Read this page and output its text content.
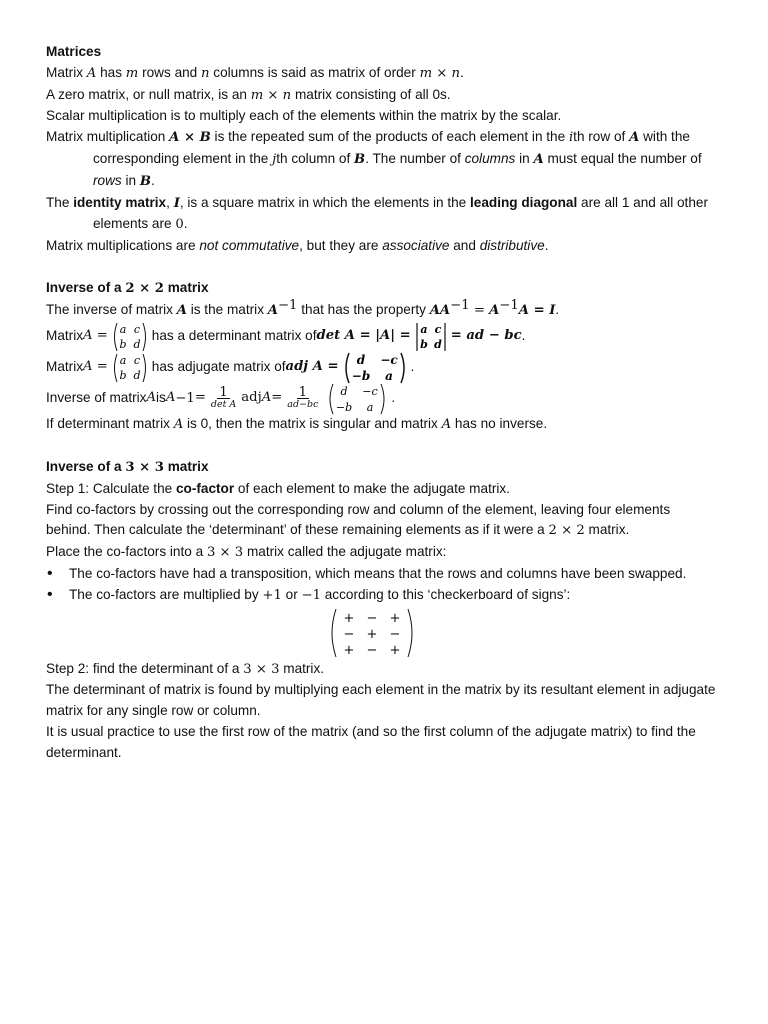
Matrices

Matrix A has m rows and n columns is said as matrix of order m × n.

A zero matrix, or null matrix, is an m × n matrix consisting of all 0s.

Scalar multiplication is to multiply each of the elements within the matrix by the scalar.

Matrix multiplication A × B is the repeated sum of the products of each element in the ith row of A with the corresponding element in the jth column of B. The number of columns in A must equal the number of rows in B.

The identity matrix, I, is a square matrix in which the elements in the leading diagonal are all 1 and all other elements are 0.

Matrix multiplications are not commutative, but they are associative and distributive.

Inverse of a 2 × 2 matrix

The inverse of matrix A is the matrix $A^{-1}$ that has the property $AA^{-1} = A^{-1}A = I$.

Matrix A = a c
b d
has a determinant matrix of det A = |A| = a c
b d
= ad − bc .
Matrix A = a c
b d
has adjugate matrix of adj A = d −c
−b a
.
Inverse of matrix A is $A -1 = \frac{1}{\text{det A}}$ adj $A = \frac{1}{ad-bc}$ d −c
−b a
.

If determinant matrix A is 0, then the matrix is singular and matrix A has no inverse.

Inverse of a 3 × 3 matrix

Step 1: Calculate the co-factor of each element to make the adjugate matrix.

Find co-factors by crossing out the corresponding row and column of the element, leaving four elements behind. Then calculate the ‘determinant’ of these remaining elements as if it were a 2 × 2 matrix.

Place the co-factors into a 3 × 3 matrix called the adjugate matrix:

• The co-factors have had a transposition, which means that the rows and columns have been swapped.
• The co-factors are multiplied by +1 or −1 according to this ‘checkerboard of signs’:
+ − +
− + −
+ − +

Step 2: find the determinant of a 3 × 3 matrix.

The determinant of matrix is found by multiplying each element in the matrix by its resultant element in adjugate matrix for any single row or column.

It is usual practice to use the first row of the matrix (and so the first column of the adjugate matrix) to find the determinant.
